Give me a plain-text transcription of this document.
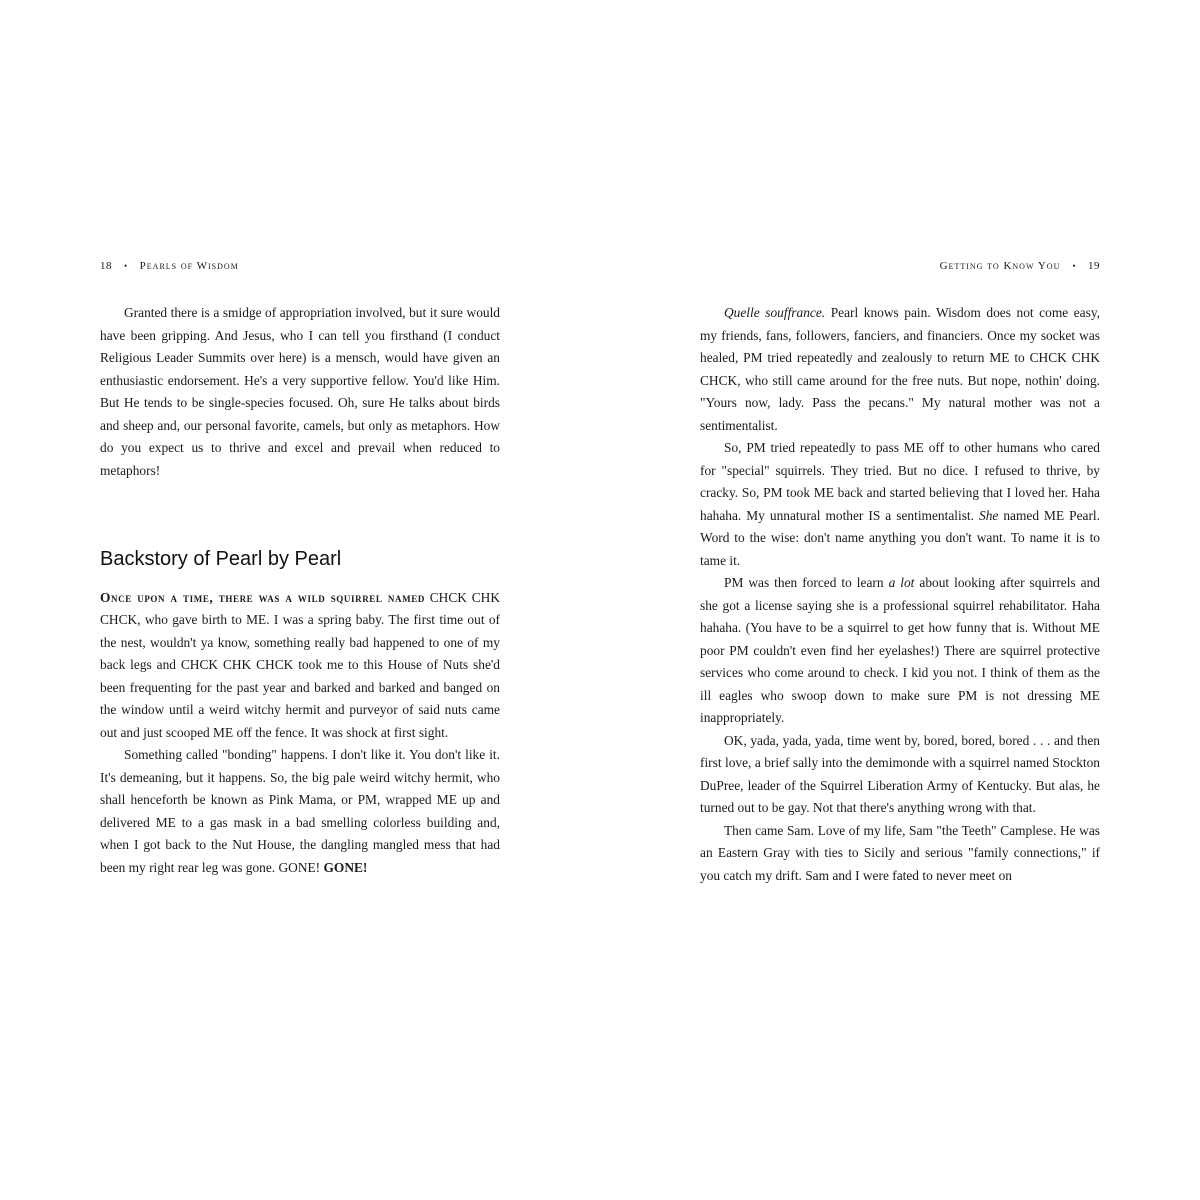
18 • Pearls of Wisdom

Granted there is a smidge of appropriation involved, but it sure would have been gripping. And Jesus, who I can tell you firsthand (I conduct Religious Leader Summits over here) is a mensch, would have given an enthusiastic endorsement. He's a very supportive fellow. You'd like Him. But He tends to be single-species focused. Oh, sure He talks about birds and sheep and, our personal favorite, camels, but only as metaphors. How do you expect us to thrive and excel and prevail when reduced to metaphors!

Backstory of Pearl by Pearl

Once upon a time, there was a wild squirrel named CHCK CHK CHCK, who gave birth to ME. I was a spring baby. The first time out of the nest, wouldn't ya know, something really bad happened to one of my back legs and CHCK CHK CHCK took me to this House of Nuts she'd been frequenting for the past year and barked and barked and banged on the window until a weird witchy hermit and purveyor of said nuts came out and just scooped ME off the fence. It was shock at first sight.

Something called "bonding" happens. I don't like it. You don't like it. It's demeaning, but it happens. So, the big pale weird witchy hermit, who shall henceforth be known as Pink Mama, or PM, wrapped ME up and delivered ME to a gas mask in a bad smelling colorless building and, when I got back to the Nut House, the dangling mangled mess that had been my right rear leg was gone. GONE! GONE!

Getting to Know You • 19

Quelle souffrance. Pearl knows pain. Wisdom does not come easy, my friends, fans, followers, fanciers, and financiers. Once my socket was healed, PM tried repeatedly and zealously to return ME to CHCK CHK CHCK, who still came around for the free nuts. But nope, nothin' doing. "Yours now, lady. Pass the pecans." My natural mother was not a sentimentalist.

So, PM tried repeatedly to pass ME off to other humans who cared for "special" squirrels. They tried. But no dice. I refused to thrive, by cracky. So, PM took ME back and started believing that I loved her. Haha hahaha. My unnatural mother IS a sentimentalist. She named ME Pearl. Word to the wise: don't name anything you don't want. To name it is to tame it.

PM was then forced to learn a lot about looking after squirrels and she got a license saying she is a professional squirrel rehabilitator. Haha hahaha. (You have to be a squirrel to get how funny that is. Without ME poor PM couldn't even find her eyelashes!) There are squirrel protective services who come around to check. I kid you not. I think of them as the ill eagles who swoop down to make sure PM is not dressing ME inappropriately.

OK, yada, yada, yada, time went by, bored, bored, bored . . . and then first love, a brief sally into the demimonde with a squirrel named Stockton DuPree, leader of the Squirrel Liberation Army of Kentucky. But alas, he turned out to be gay. Not that there's anything wrong with that.

Then came Sam. Love of my life, Sam "the Teeth" Camplese. He was an Eastern Gray with ties to Sicily and serious "family connections," if you catch my drift. Sam and I were fated to never meet on
